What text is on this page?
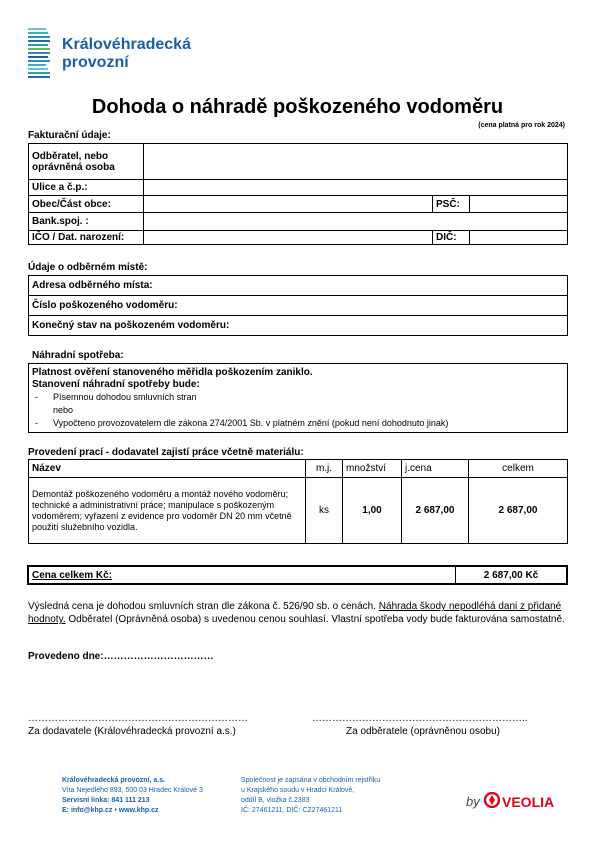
Královéhradecká
provozní
Dohoda o náhradě poškozeného vodoměru
(cena platná pro rok 2024)
Fakturační údaje:
Odběratel, nebo oprávněná osoba			
Ulice a č.p.:			
Obec/Část obce:		PSČ:	
Bank.spoj. :			
IČO / Dat. narození:		DIČ:	
Údaje o odběrném místě:
Adresa odběrného místa:
Číslo poškozeného vodoměru:
Konečný stav na poškozeném vodoměru:
Náhradní spotřeba:
Platnost ověření stanoveného měřidla poškozením zaniklo.
Stanovení náhradní spotřeby bude:
- Písemnou dohodou smluvních stran
nebo
- Vypočteno provozovatelem dle zákona 274/2001 Sb. v platném znění (pokud není dohodnuto jinak)
Provedení prací - dodavatel zajistí práce včetně materiálu:
Název	m.j.	množství	j.cena	celkem
Demontáž poškozeného vodoměru a montáž nového vodoměru; technické a administrativní práce; manipulace s poškozeným vodoměrem; vyřazení z evidence pro vodoměr DN 20 mm včetně použití služebního vozidla.	ks	1,00	2 687,00	2 687,00
Cena celkem Kč:	2 687,00 Kč
Výsledná cena je dohodou smluvních stran dle zákona č. 526/90 sb. o cenách. Náhrada škody nepodléhá dani z přidané hodnoty. Odběratel (Oprávněná osoba) s uvedenou cenou souhlasí. Vlastní spotřeba vody bude fakturována samostatně.
Provedeno dne:……………………………
…………………………………………………………	………………………………………………………..
Za dodavatele (Královéhradecká provozní a.s.)	Za odběratele (oprávněnou osobu)
Královéhradecká provozní, a.s.
Víta Nejedlého 893, 500 03 Hradec Králové 3
Servisní linka: 841 111 213
E: info@khp.cz • www.khp.cz
Společnost je zapsána v obchodním rejstříku
u Krajského soudu v Hradci Králové,
oddíl B, vložka č.2383
IČ: 27461211, DIČ: CZ27461211
by VEOLIA
